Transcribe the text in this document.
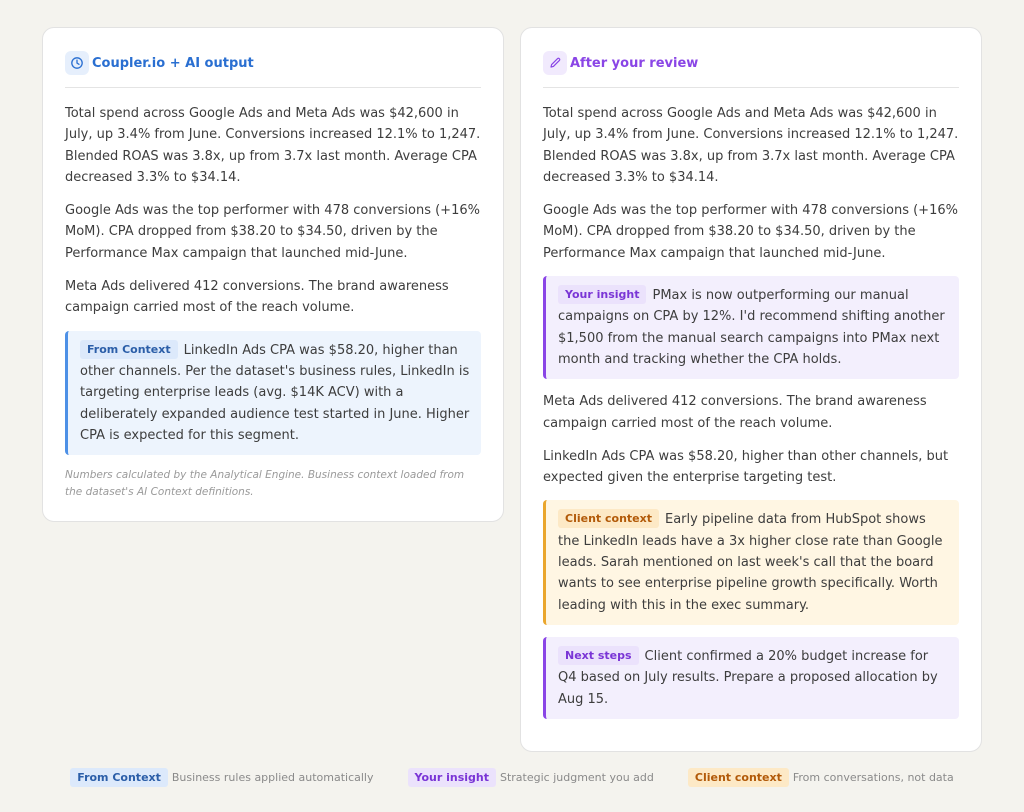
Coupler.io + AI output

Total spend across Google Ads and Meta Ads was $42,600 in July, up 3.4% from June. Conversions increased 12.1% to 1,247. Blended ROAS was 3.8x, up from 3.7x last month. Average CPA decreased 3.3% to $34.14.

Google Ads was the top performer with 478 conversions (+16% MoM). CPA dropped from $38.20 to $34.50, driven by the Performance Max campaign that launched mid-June.

Meta Ads delivered 412 conversions. The brand awareness campaign carried most of the reach volume.

From Context LinkedIn Ads CPA was $58.20, higher than other channels. Per the dataset's business rules, LinkedIn is targeting enterprise leads (avg. $14K ACV) with a deliberately expanded audience test started in June. Higher CPA is expected for this segment.
Numbers calculated by the Analytical Engine. Business context loaded from the dataset's AI Context definitions.
After your review

Total spend across Google Ads and Meta Ads was $42,600 in July, up 3.4% from June. Conversions increased 12.1% to 1,247. Blended ROAS was 3.8x, up from 3.7x last month. Average CPA decreased 3.3% to $34.14.

Google Ads was the top performer with 478 conversions (+16% MoM). CPA dropped from $38.20 to $34.50, driven by the Performance Max campaign that launched mid-June.

Your insight PMax is now outperforming our manual campaigns on CPA by 12%. I'd recommend shifting another $1,500 from the manual search campaigns into PMax next month and tracking whether the CPA holds.

Meta Ads delivered 412 conversions. The brand awareness campaign carried most of the reach volume.

LinkedIn Ads CPA was $58.20, higher than other channels, but expected given the enterprise targeting test.

Client context Early pipeline data from HubSpot shows the LinkedIn leads have a 3x higher close rate than Google leads. Sarah mentioned on last week's call that the board wants to see enterprise pipeline growth specifically. Worth leading with this in the exec summary.
Next steps Client confirmed a 20% budget increase for Q4 based on July results. Prepare a proposed allocation by Aug 15.
From Context	Business rules applied automatically	Your insight	Strategic judgment you add	Client context	From conversations, not data
